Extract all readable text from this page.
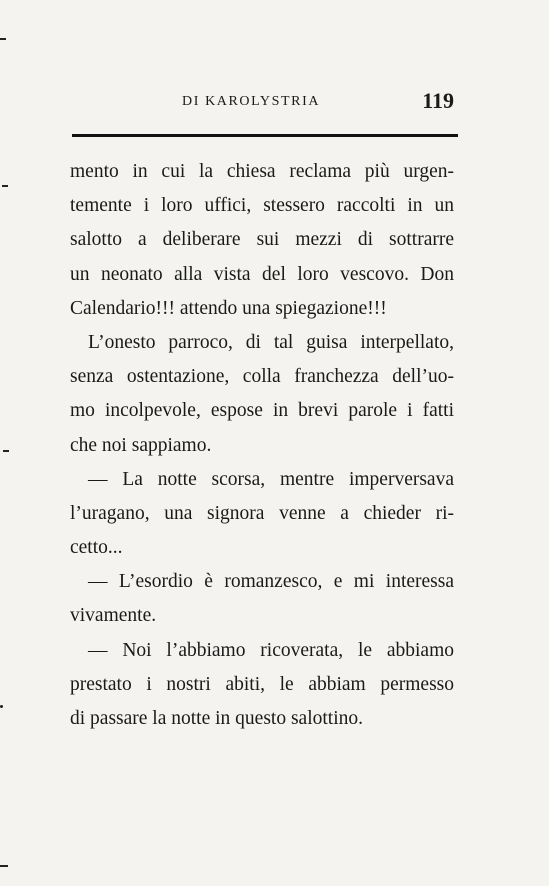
DI KAROLYSTRIA	119
mento in cui la chiesa reclama più urgen-
temente i loro uffici, stessero raccolti in un
salotto a deliberare sui mezzi di sottrarre
un neonato alla vista del loro vescovo. Don
Calendario!!! attendo una spiegazione!!!
L’onesto parroco, di tal guisa interpellato,
senza ostentazione, colla franchezza dell’uo-
mo incolpevole, espose in brevi parole i fatti
che noi sappiamo.
— La notte scorsa, mentre imperversava
l’uragano, una signora venne a chieder ri-
cetto...
— L’esordio è romanzesco, e mi interessa
vivamente.
— Noi l’abbiamo ricoverata, le abbiamo
prestato i nostri abiti, le abbiam permesso
di passare la notte in questo salottino.
